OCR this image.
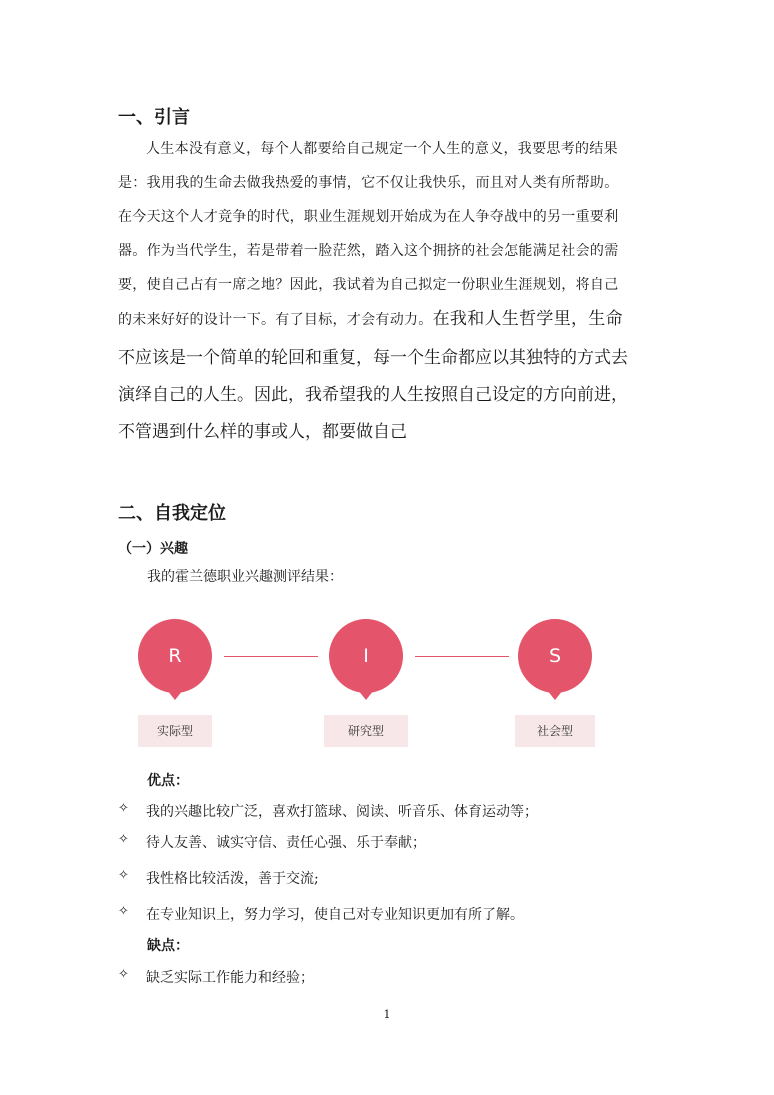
一、引言
人生本没有意义，每个人都要给自己规定一个人生的意义，我要思考的结果
是：我用我的生命去做我热爱的事情，它不仅让我快乐，而且对人类有所帮助。
在今天这个人才竞争的时代，职业生涯规划开始成为在人争夺战中的另一重要利
器。作为当代学生，若是带着一脸茫然，踏入这个拥挤的社会怎能满足社会的需
要，使自己占有一席之地？因此，我试着为自己拟定一份职业生涯规划，将自己
的未来好好的设计一下。有了目标，才会有动力。在我和人生哲学里，生命
不应该是一个简单的轮回和重复，每一个生命都应以其独特的方式去
演绎自己的人生。因此，我希望我的人生按照自己设定的方向前进，
不管遇到什么样的事或人，都要做自己
二、自我定位
（一）兴趣
我的霍兰德职业兴趣测评结果：
R
实际型
I
研究型
S
社会型
优点：
✧ 我的兴趣比较广泛，喜欢打篮球、阅读、听音乐、体育运动等；
✧ 待人友善、诚实守信、责任心强、乐于奉献；
✧ 我性格比较活泼，善于交流;
✧ 在专业知识上，努力学习，使自己对专业知识更加有所了解。
缺点：
✧ 缺乏实际工作能力和经验；
1
